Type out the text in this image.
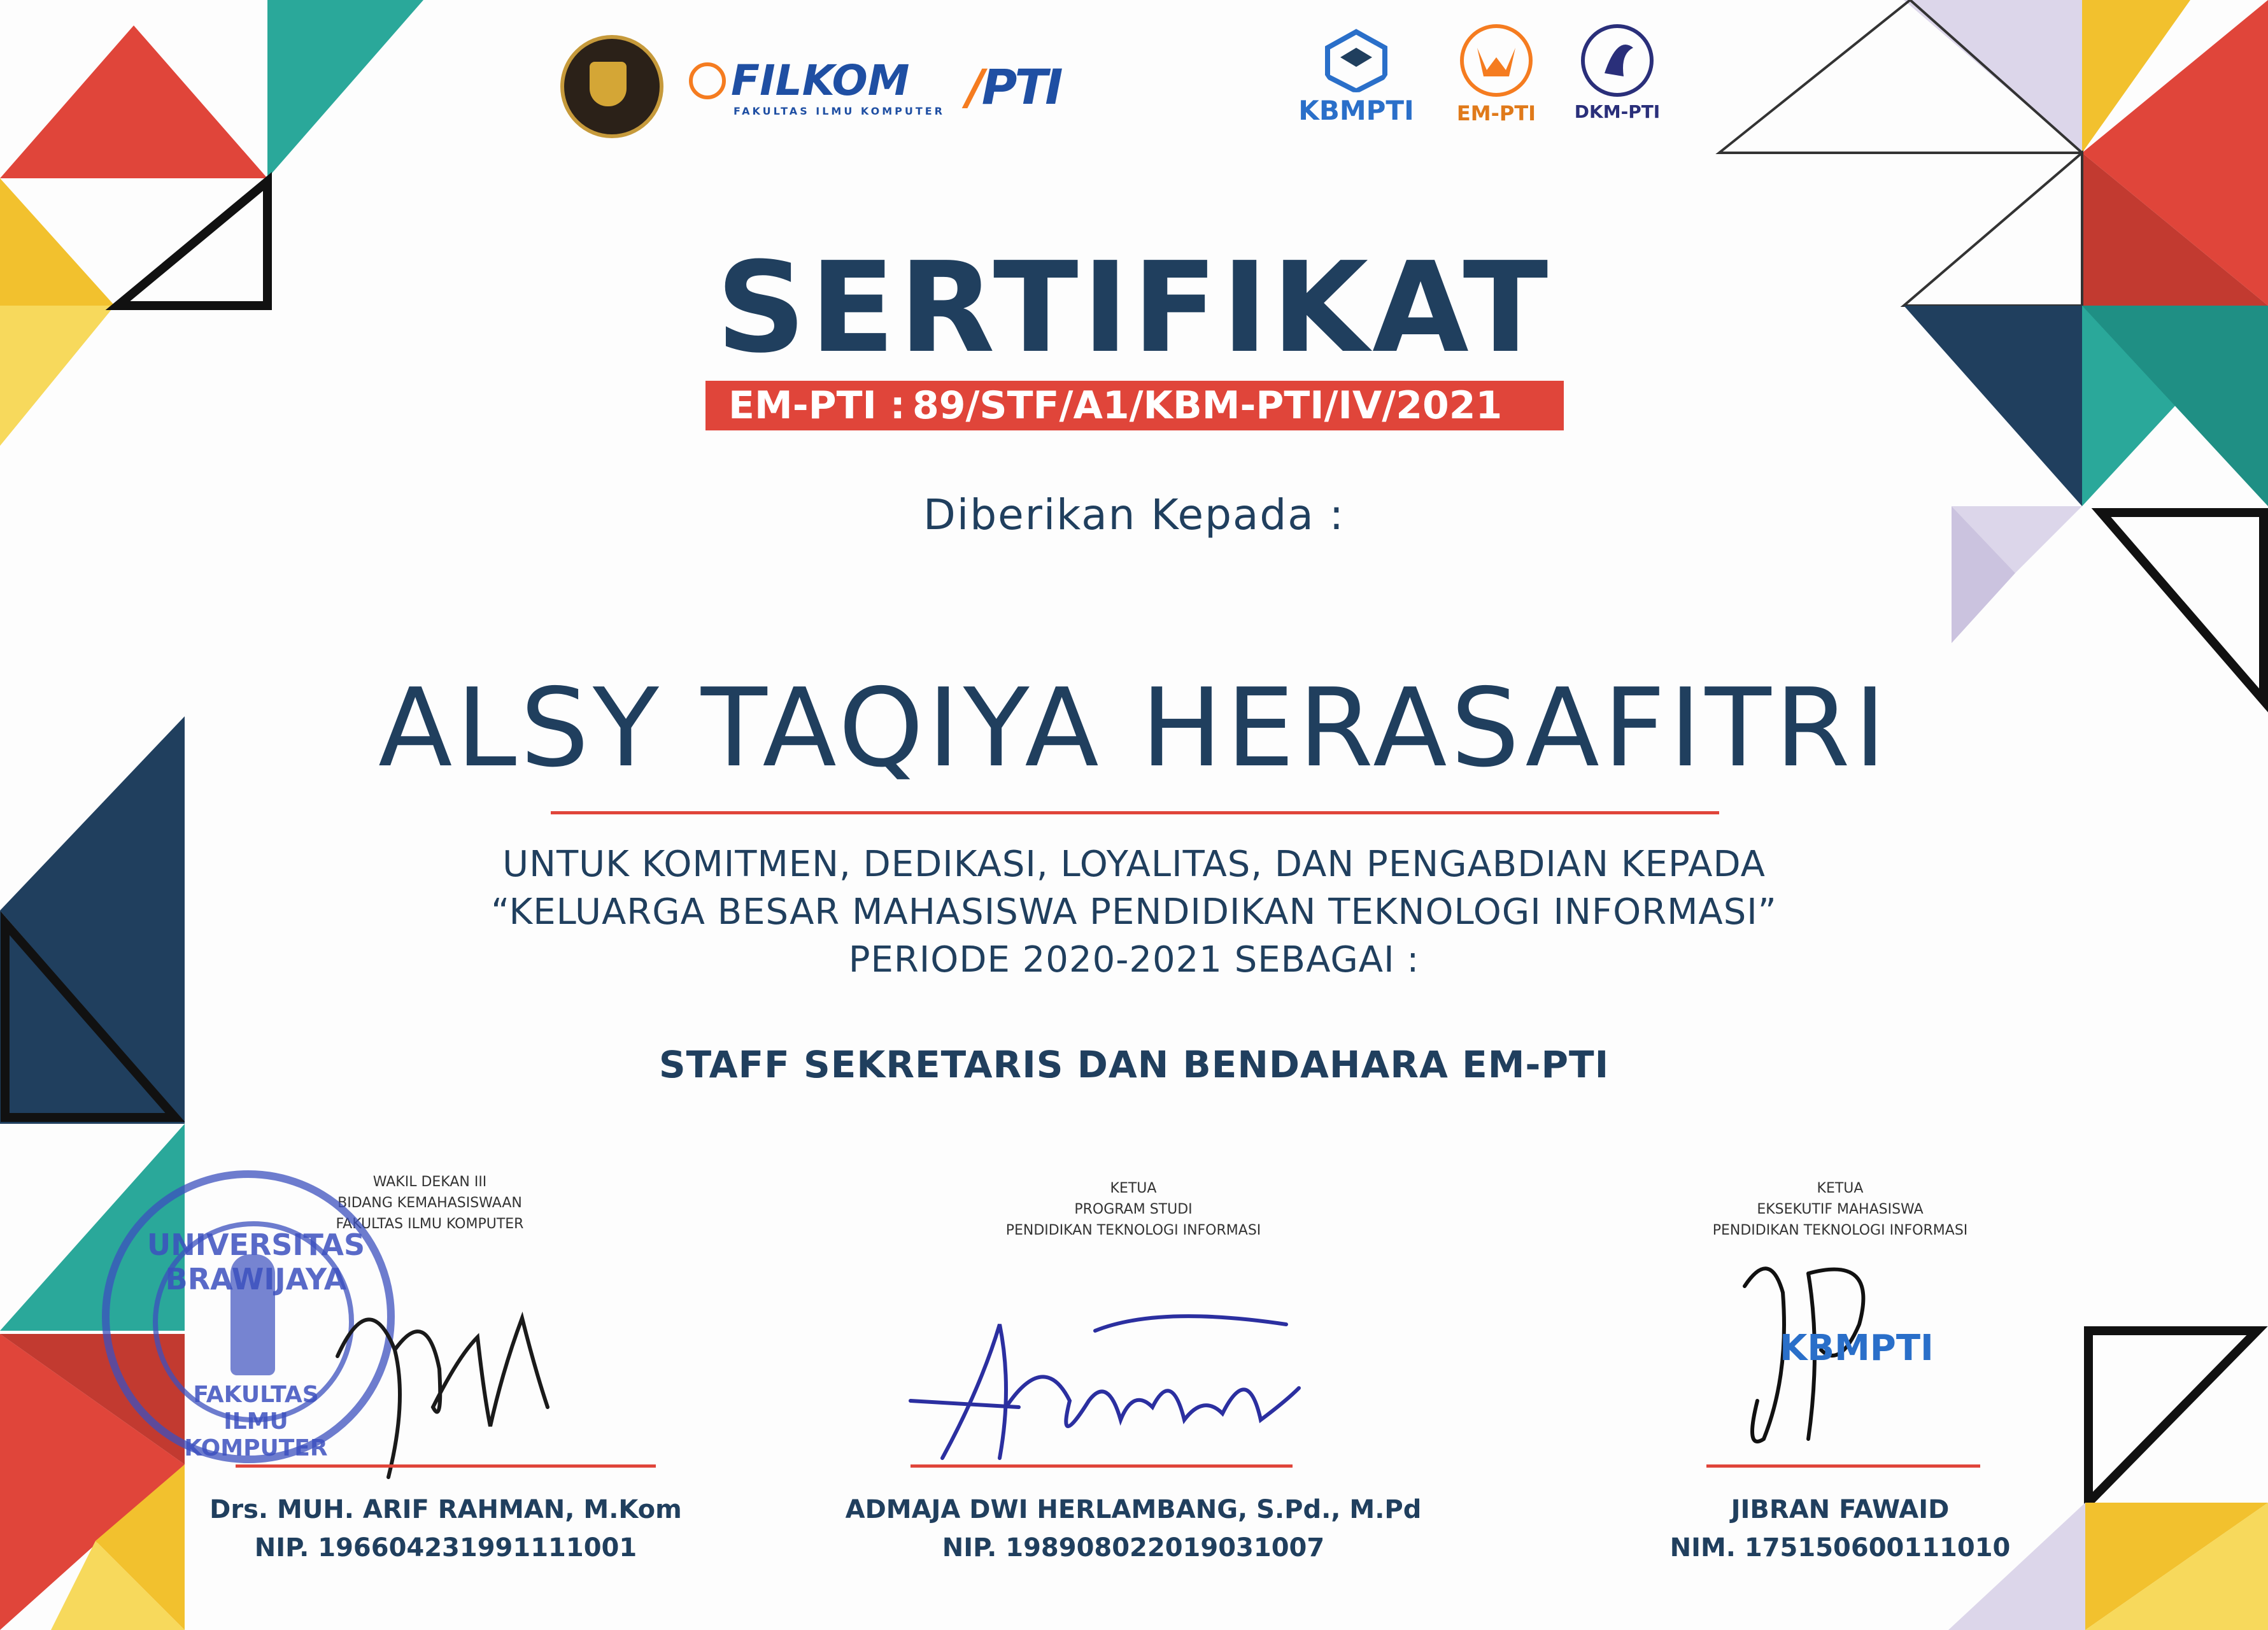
FILKOM
FAKULTAS ILMU KOMPUTER /PTI	KBMPTI	EM-PTI	DKM-PTI
SERTIFIKAT
EM-PTI : 89/STF/A1/KBM-PTI/IV/2021
Diberikan Kepada :
ALSY TAQIYA HERASAFITRI
UNTUK KOMITMEN, DEDIKASI, LOYALITAS, DAN PENGABDIAN KEPADA
“KELUARGA BESAR MAHASISWA PENDIDIKAN TEKNOLOGI INFORMASI”
PERIODE 2020-2021 SEBAGAI :
STAFF SEKRETARIS DAN BENDAHARA EM-PTI
WAKIL DEKAN III
BIDANG KEMAHASISWAAN
FAKULTAS ILMU KOMPUTER
UNIVERSITAS BRAWIJAYA
FAKULTAS ILMU KOMPUTER
Drs. MUH. ARIF RAHMAN, M.Kom
NIP. 196604231991111001
KETUA
PROGRAM STUDI
PENDIDIKAN TEKNOLOGI INFORMASI
ADMAJA DWI HERLAMBANG, S.Pd., M.Pd
NIP. 198908022019031007
KETUA
EKSEKUTIF MAHASISWA
PENDIDIKAN TEKNOLOGI INFORMASI
KBMPTI
JIBRAN FAWAID
NIM. 175150600111010
